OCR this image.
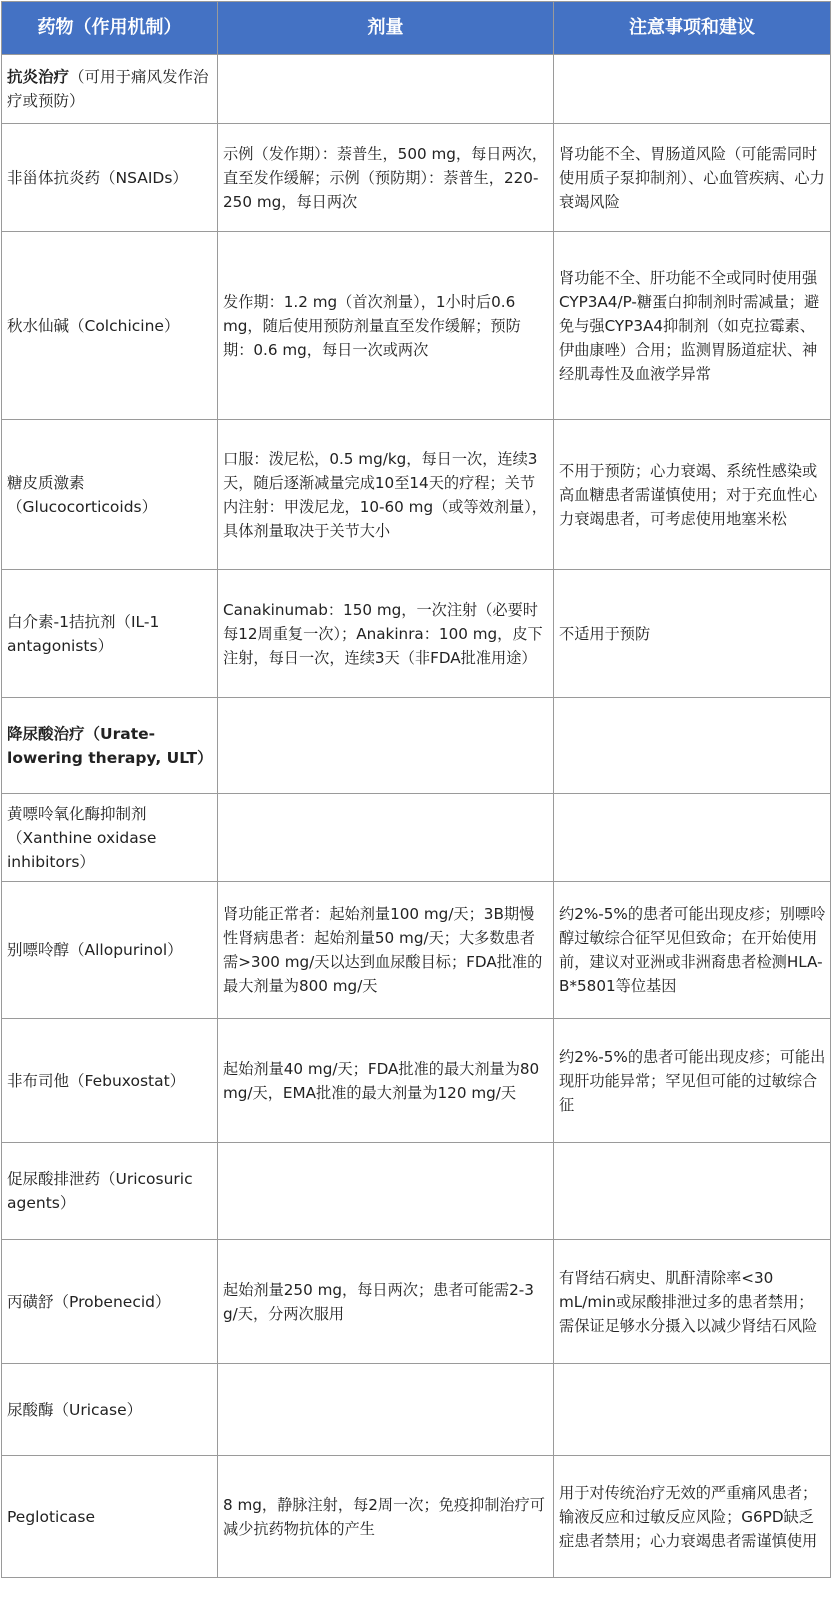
药物（作用机制）	剂量	注意事项和建议
抗炎治疗（可用于痛风发作治疗或预防）		
非甾体抗炎药（NSAIDs）	示例（发作期）：萘普生，500 mg，每日两次，直至发作缓解；示例（预防期）：萘普生，220-250 mg，每日两次	肾功能不全、胃肠道风险（可能需同时使用质子泵抑制剂）、心血管疾病、心力衰竭风险
秋水仙碱（Colchicine）	发作期：1.2 mg（首次剂量），1小时后0.6 mg，随后使用预防剂量直至发作缓解；预防期：0.6 mg，每日一次或两次	肾功能不全、肝功能不全或同时使用强CYP3A4/P-糖蛋白抑制剂时需减量；避免与强CYP3A4抑制剂（如克拉霉素、伊曲康唑）合用；监测胃肠道症状、神经肌毒性及血液学异常
糖皮质激素（Glucocorticoids）	口服：泼尼松，0.5 mg/kg，每日一次，连续3天，随后逐渐减量完成10至14天的疗程；关节内注射：甲泼尼龙，10-60 mg（或等效剂量），具体剂量取决于关节大小	不用于预防；心力衰竭、系统性感染或高血糖患者需谨慎使用；对于充血性心力衰竭患者，可考虑使用地塞米松
白介素-1拮抗剂（IL-1 antagonists）	Canakinumab：150 mg，一次注射（必要时每12周重复一次）；Anakinra：100 mg，皮下注射，每日一次，连续3天（非FDA批准用途）	不适用于预防
降尿酸治疗（Urate-lowering therapy, ULT）		
黄嘌呤氧化酶抑制剂（Xanthine oxidase inhibitors）		
别嘌呤醇（Allopurinol）	肾功能正常者：起始剂量100 mg/天；3B期慢性肾病患者：起始剂量50 mg/天；大多数患者需>300 mg/天以达到血尿酸目标；FDA批准的最大剂量为800 mg/天	约2%-5%的患者可能出现皮疹；别嘌呤醇过敏综合征罕见但致命；在开始使用前，建议对亚洲或非洲裔患者检测HLA-B*5801等位基因
非布司他（Febuxostat）	起始剂量40 mg/天；FDA批准的最大剂量为80 mg/天，EMA批准的最大剂量为120 mg/天	约2%-5%的患者可能出现皮疹；可能出现肝功能异常；罕见但可能的过敏综合征
促尿酸排泄药（Uricosuric agents）		
丙磺舒（Probenecid）	起始剂量250 mg，每日两次；患者可能需2-3 g/天，分两次服用	有肾结石病史、肌酐清除率<30 mL/min或尿酸排泄过多的患者禁用；需保证足够水分摄入以减少肾结石风险
尿酸酶（Uricase）		
Pegloticase	8 mg，静脉注射，每2周一次；免疫抑制治疗可减少抗药物抗体的产生	用于对传统治疗无效的严重痛风患者；输液反应和过敏反应风险；G6PD缺乏症患者禁用；心力衰竭患者需谨慎使用
